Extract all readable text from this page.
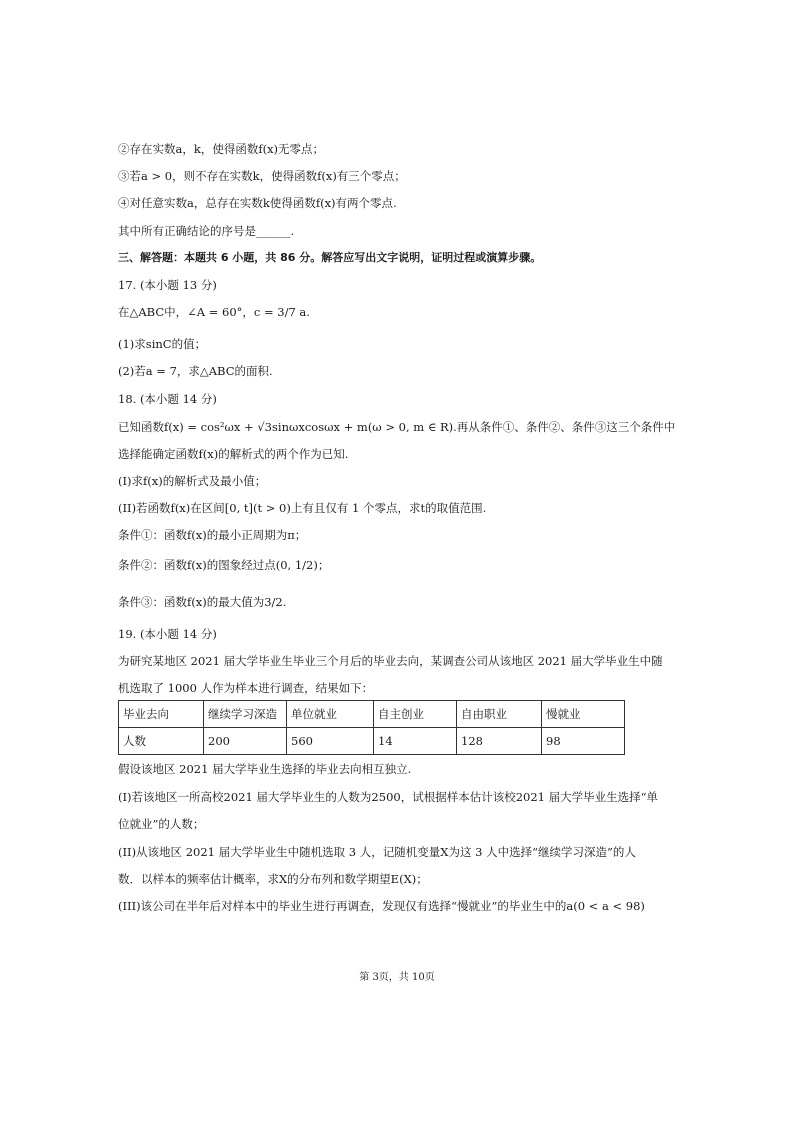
②存在实数a，k，使得函数f(x)无零点；
③若a > 0，则不存在实数k，使得函数f(x)有三个零点；
④对任意实数a，总存在实数k使得函数f(x)有两个零点.
其中所有正确结论的序号是______.
三、解答题：本题共 6 小题，共 86 分。解答应写出文字说明，证明过程或演算步骤。
17. (本小题 13 分)
在△ABC中，∠A = 60°，c = 3/7 a.
(1)求sinC的值；
(2)若a = 7，求△ABC的面积.
18. (本小题 14 分)
已知函数f(x) = cos²ωx + √3sinωxcosωx + m(ω > 0, m ∈ R).再从条件①、条件②、条件③这三个条件中
选择能确定函数f(x)的解析式的两个作为已知.
(I)求f(x)的解析式及最小值；
(II)若函数f(x)在区间[0, t](t > 0)上有且仅有 1 个零点，求t的取值范围.
条件①：函数f(x)的最小正周期为π；
条件②：函数f(x)的图象经过点(0, 1/2)；
条件③：函数f(x)的最大值为3/2.
19. (本小题 14 分)
为研究某地区 2021 届大学毕业生毕业三个月后的毕业去向，某调查公司从该地区 2021 届大学毕业生中随
机选取了 1000 人作为样本进行调查，结果如下：
毕业去向	继续学习深造	单位就业	自主创业	自由职业	慢就业
人数	200	560	14	128	98
假设该地区 2021 届大学毕业生选择的毕业去向相互独立.
(I)若该地区一所高校2021 届大学毕业生的人数为2500，试根据样本估计该校2021 届大学毕业生选择“单
位就业”的人数；
(II)从该地区 2021 届大学毕业生中随机选取 3 人，记随机变量X为这 3 人中选择“继续学习深造”的人
数．以样本的频率估计概率，求X的分布列和数学期望E(X)；
(III)该公司在半年后对样本中的毕业生进行再调查，发现仅有选择“慢就业”的毕业生中的a(0 < a < 98)
第 3页，共 10页
